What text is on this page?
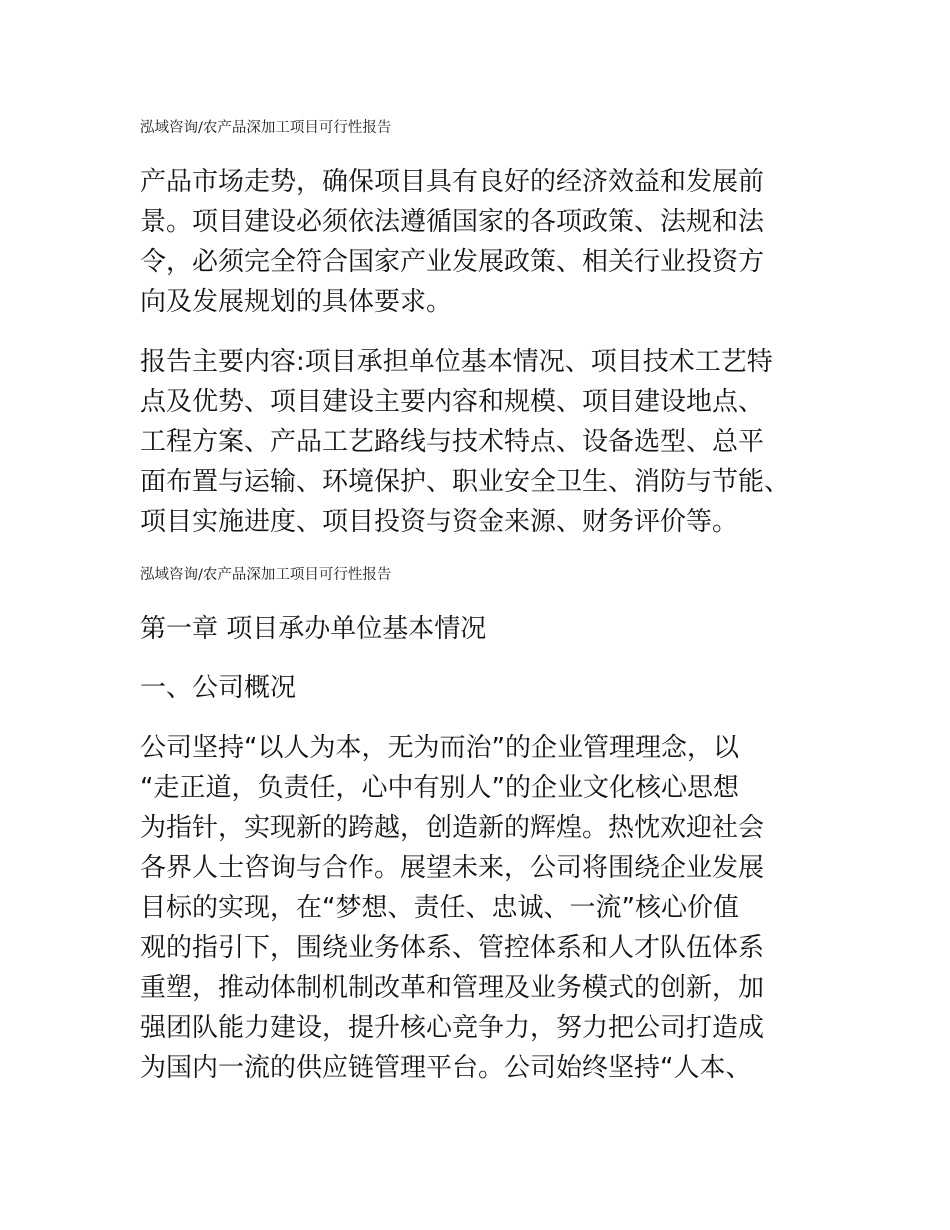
泓域咨询/农产品深加工项目可行性报告
产品市场走势，确保项目具有良好的经济效益和发展前
景。项目建设必须依法遵循国家的各项政策、法规和法
令，必须完全符合国家产业发展政策、相关行业投资方
向及发展规划的具体要求。
报告主要内容:项目承担单位基本情况、项目技术工艺特
点及优势、项目建设主要内容和规模、项目建设地点、
工程方案、产品工艺路线与技术特点、设备选型、总平
面布置与运输、环境保护、职业安全卫生、消防与节能、
项目实施进度、项目投资与资金来源、财务评价等。
泓域咨询/农产品深加工项目可行性报告
第一章 项目承办单位基本情况
一、公司概况
公司坚持“以人为本，无为而治”的企业管理理念，以
“走正道，负责任，心中有别人”的企业文化核心思想
为指针，实现新的跨越，创造新的辉煌。热忱欢迎社会
各界人士咨询与合作。展望未来，公司将围绕企业发展
目标的实现，在“梦想、责任、忠诚、一流”核心价值
观的指引下，围绕业务体系、管控体系和人才队伍体系
重塑，推动体制机制改革和管理及业务模式的创新，加
强团队能力建设，提升核心竞争力，努力把公司打造成
为国内一流的供应链管理平台。公司始终坚持“人本、
